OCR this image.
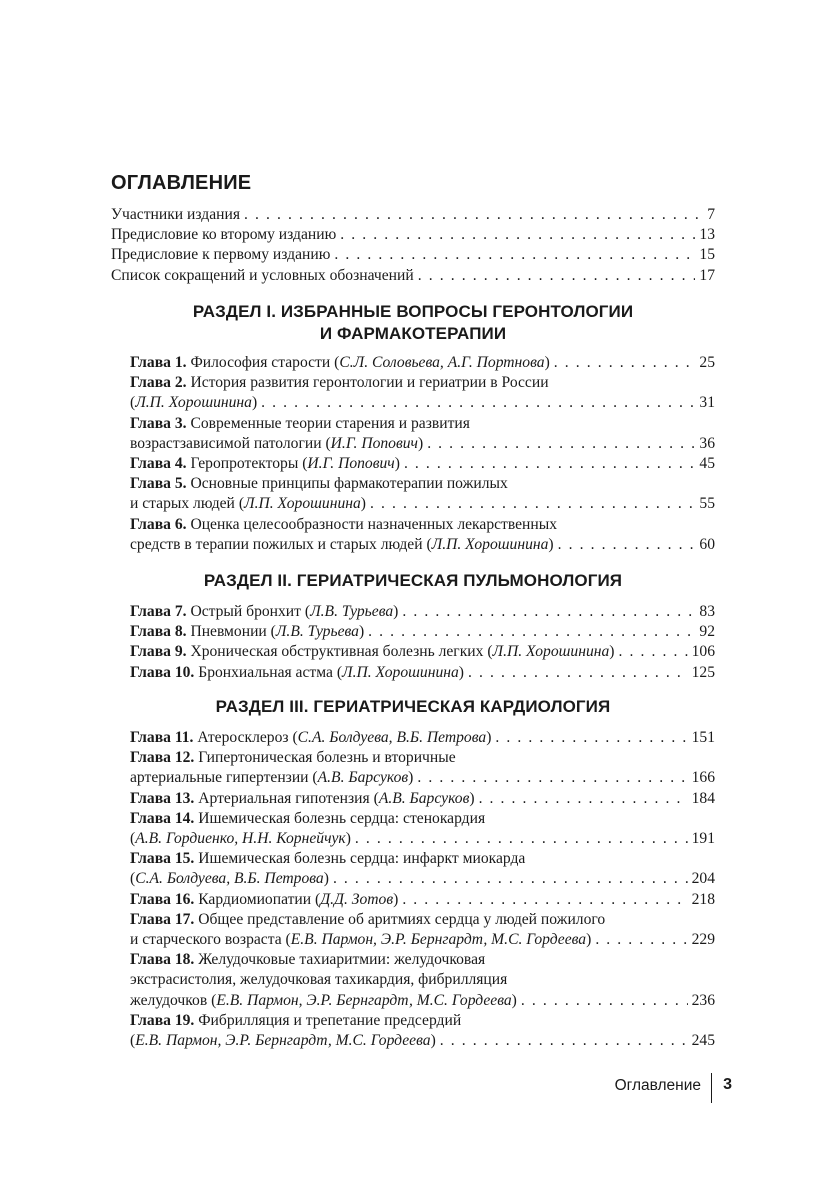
ОГЛАВЛЕНИЕ
Участники издания . . .	7
Предисловие ко второму изданию . . .	13
Предисловие к первому изданию . . .	15
Список сокращений и условных обозначений . . .	17
РАЗДЕЛ I. ИЗБРАННЫЕ ВОПРОСЫ ГЕРОНТОЛОГИИ
И ФАРМАКОТЕРАПИИ
Глава 1. Философия старости (С.Л. Соловьева, А.Г. Портнова) . . .	25
Глава 2. История развития геронтологии и гериатрии в России
(Л.П. Хорошинина) . . .	31
Глава 3. Современные теории старения и развития
возрастзависимой патологии (И.Г. Попович) . . .	36
Глава 4. Геропротекторы (И.Г. Попович) . . .	45
Глава 5. Основные принципы фармакотерапии пожилых
и старых людей (Л.П. Хорошинина) . . .	55
Глава 6. Оценка целесообразности назначенных лекарственных
средств в терапии пожилых и старых людей (Л.П. Хорошинина) . . .	60
РАЗДЕЛ II. ГЕРИАТРИЧЕСКАЯ ПУЛЬМОНОЛОГИЯ
Глава 7. Острый бронхит (Л.В. Турьева) . . .	83
Глава 8. Пневмонии (Л.В. Турьева) . . .	92
Глава 9. Хроническая обструктивная болезнь легких (Л.П. Хорошинина) . . .	106
Глава 10. Бронхиальная астма (Л.П. Хорошинина) . . .	125
РАЗДЕЛ III. ГЕРИАТРИЧЕСКАЯ КАРДИОЛОГИЯ
Глава 11. Атеросклероз (С.А. Болдуева, В.Б. Петрова) . . .	151
Глава 12. Гипертоническая болезнь и вторичные
артериальные гипертензии (А.В. Барсуков) . . .	166
Глава 13. Артериальная гипотензия (А.В. Барсуков) . . .	184
Глава 14. Ишемическая болезнь сердца: стенокардия
(А.В. Гордиенко, Н.Н. Корнейчук) . . .	191
Глава 15. Ишемическая болезнь сердца: инфаркт миокарда
(С.А. Болдуева, В.Б. Петрова) . . .	204
Глава 16. Кардиомиопатии (Д.Д. Зотов) . . .	218
Глава 17. Общее представление об аритмиях сердца у людей пожилого
и старческого возраста (Е.В. Пармон, Э.Р. Бернгардт, М.С. Гордеева) . . .	229
Глава 18. Желудочковые тахиаритмии: желудочковая
экстрасистолия, желудочковая тахикардия, фибрилляция
желудочков (Е.В. Пармон, Э.Р. Бернгардт, М.С. Гордеева) . . .	236
Глава 19. Фибрилляция и трепетание предсердий
(Е.В. Пармон, Э.Р. Бернгардт, М.С. Гордеева) . . .	245
Оглавление 3
